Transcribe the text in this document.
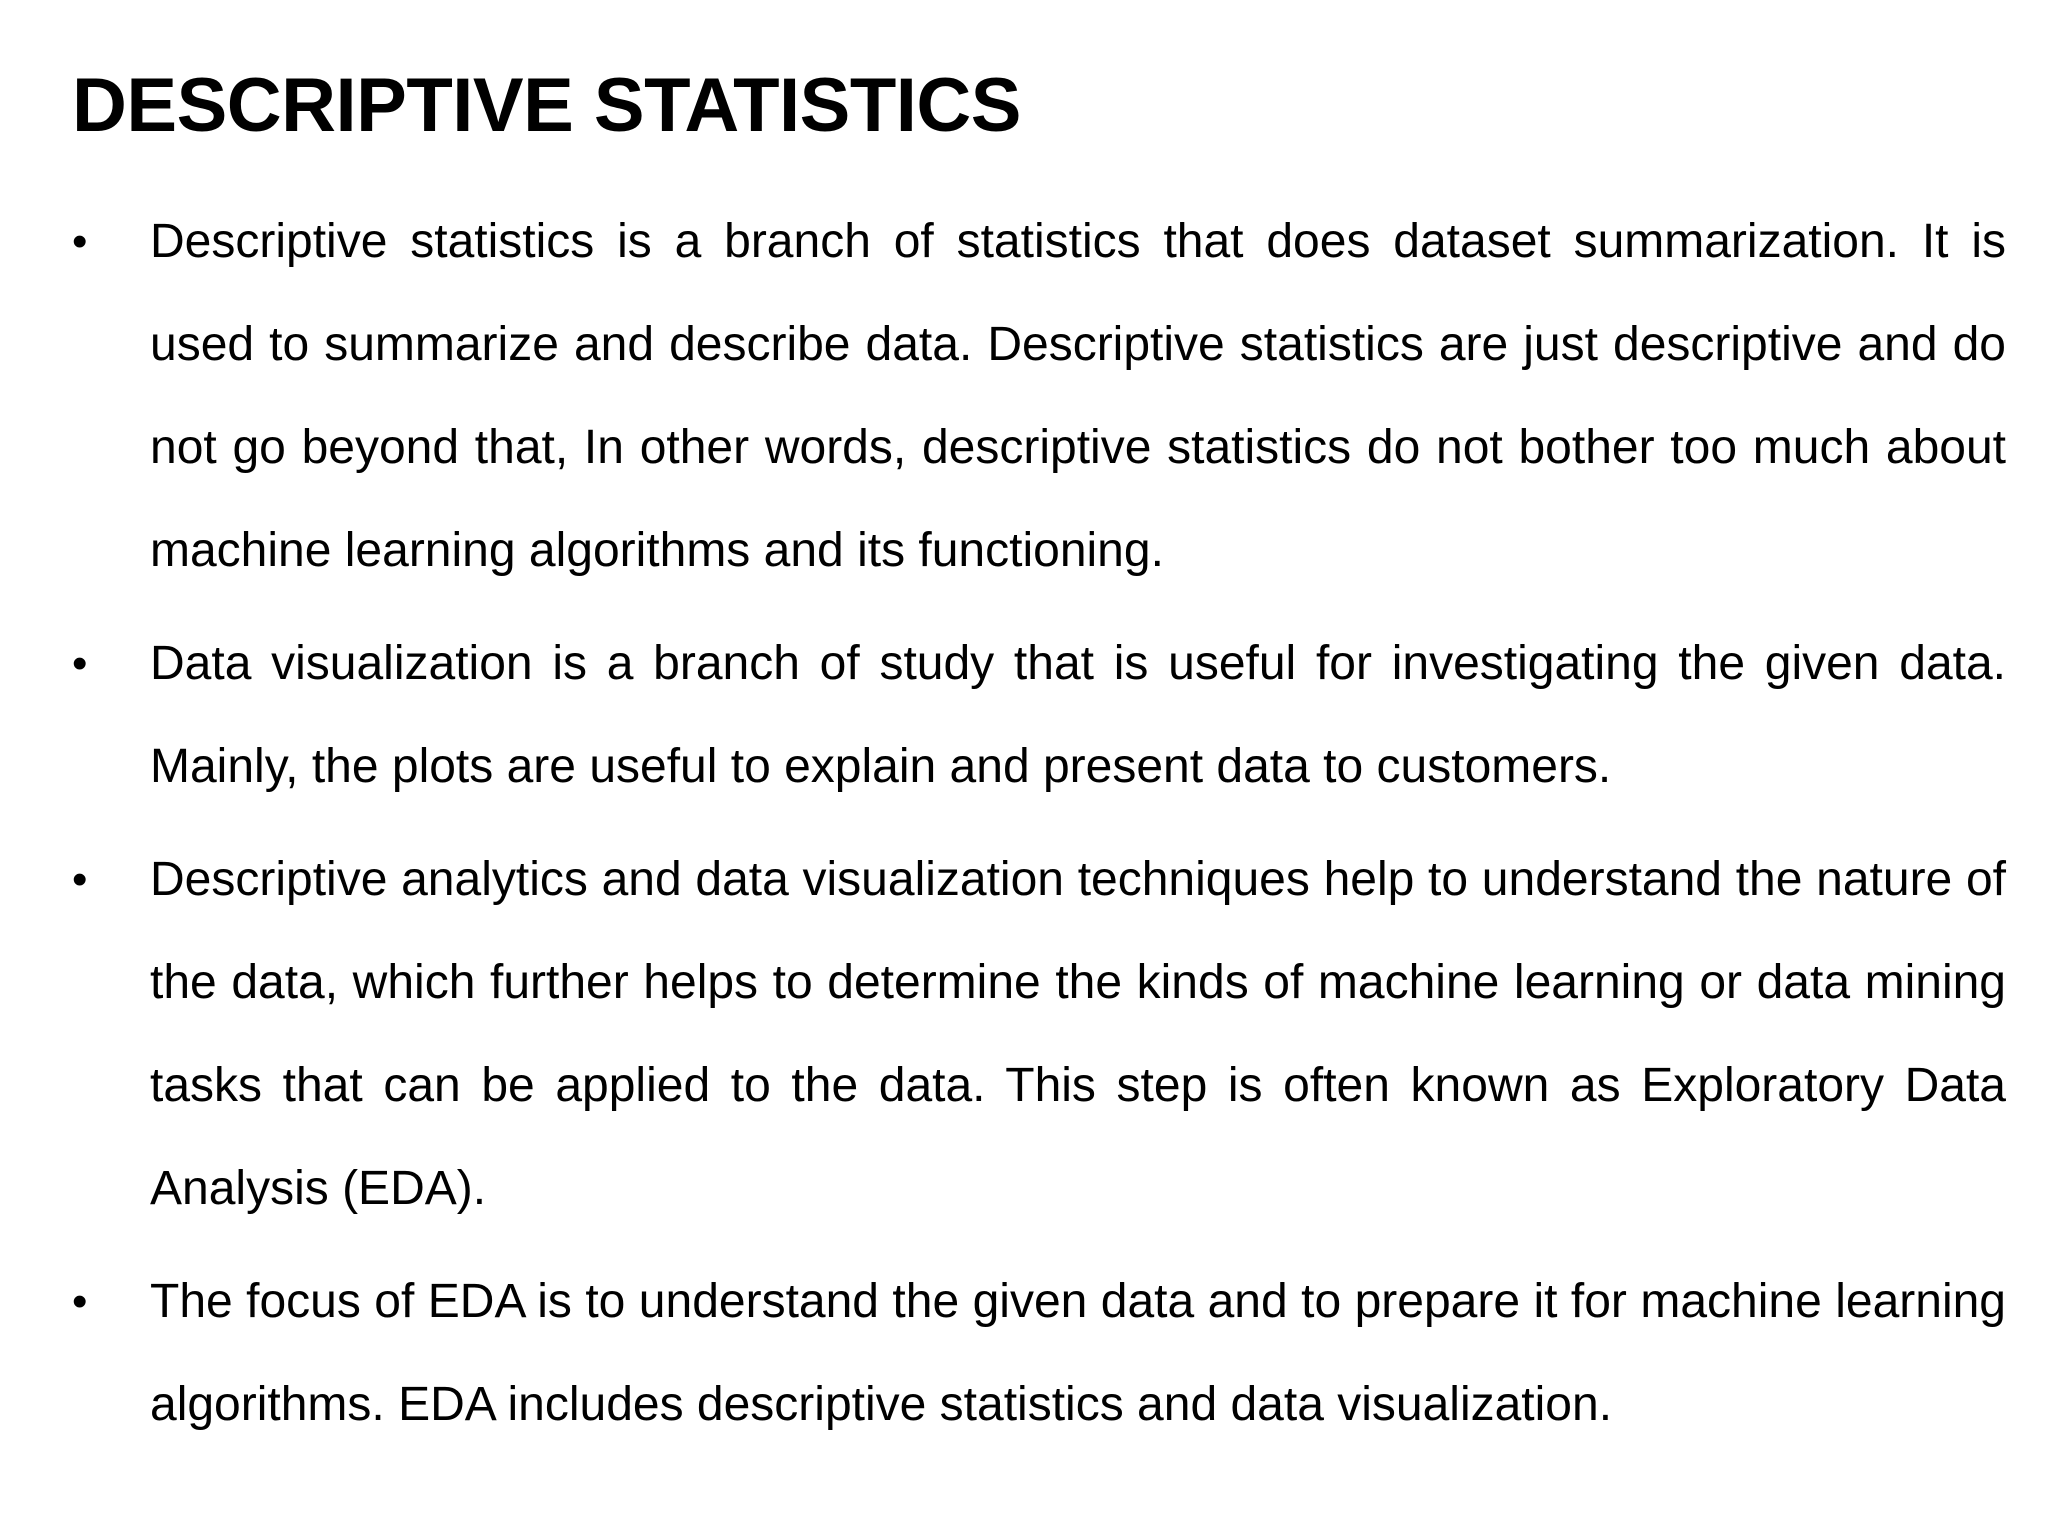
DESCRIPTIVE STATISTICS
•	Descriptive statistics is a branch of statistics that does dataset summarization. It is used to summarize and describe data. Descriptive statistics are just descriptive and do not go beyond that, In other words, descriptive statistics do not bother too much about machine learning algorithms and its functioning.
•	Data visualization is a branch of study that is useful for investigating the given data. Mainly, the plots are useful to explain and present data to customers.
•	Descriptive analytics and data visualization techniques help to understand the nature of the data, which further helps to determine the kinds of machine learning or data mining tasks that can be applied to the data. This step is often known as Exploratory Data Analysis (EDA).
•	The focus of EDA is to understand the given data and to prepare it for machine learning algorithms. EDA includes descriptive statistics and data visualization.
